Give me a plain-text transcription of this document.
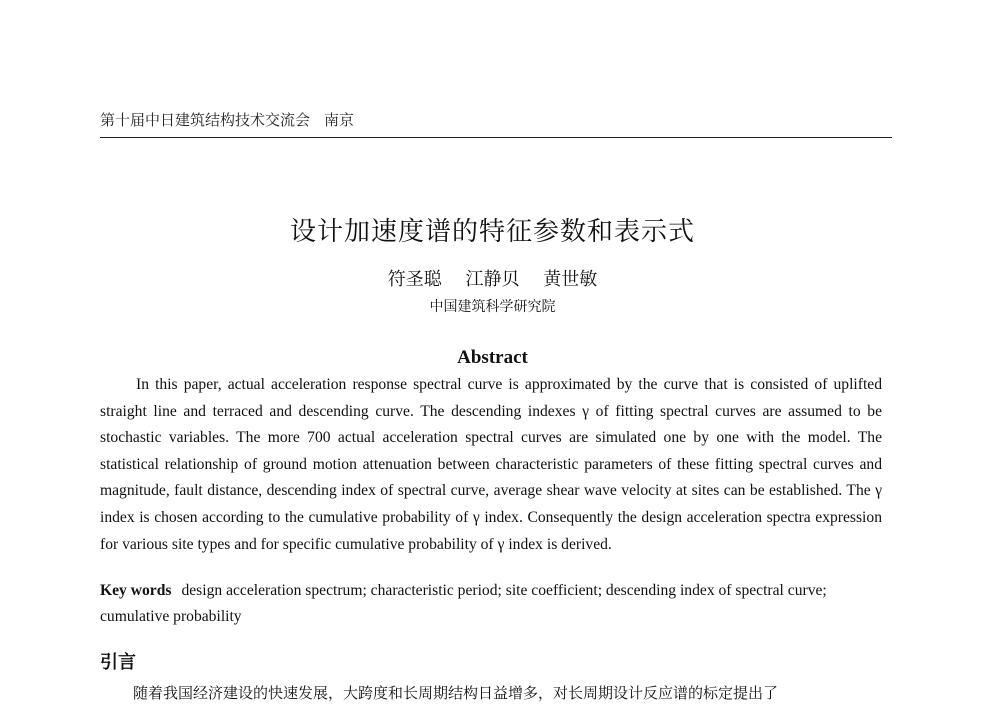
第十届中日建筑结构技术交流会 南京
设计加速度谱的特征参数和表示式
符圣聪 江静贝 黄世敏
中国建筑科学研究院
Abstract

In this paper, actual acceleration response spectral curve is approximated by the curve that is consisted of uplifted straight line and terraced and descending curve. The descending indexes γ of fitting spectral curves are assumed to be stochastic variables. The more 700 actual acceleration spectral curves are simulated one by one with the model. The statistical relationship of ground motion attenuation between characteristic parameters of these fitting spectral curves and magnitude, fault distance, descending index of spectral curve, average shear wave velocity at sites can be established. The γ index is chosen according to the cumulative probability of γ index. Consequently the design acceleration spectra expression for various site types and for specific cumulative probability of γ index is derived.

Key words design acceleration spectrum; characteristic period; site coefficient; descending index of spectral curve; cumulative probability

引言
随着我国经济建设的快速发展，大跨度和长周期结构日益增多，对长周期设计反应谱的标定提出了
